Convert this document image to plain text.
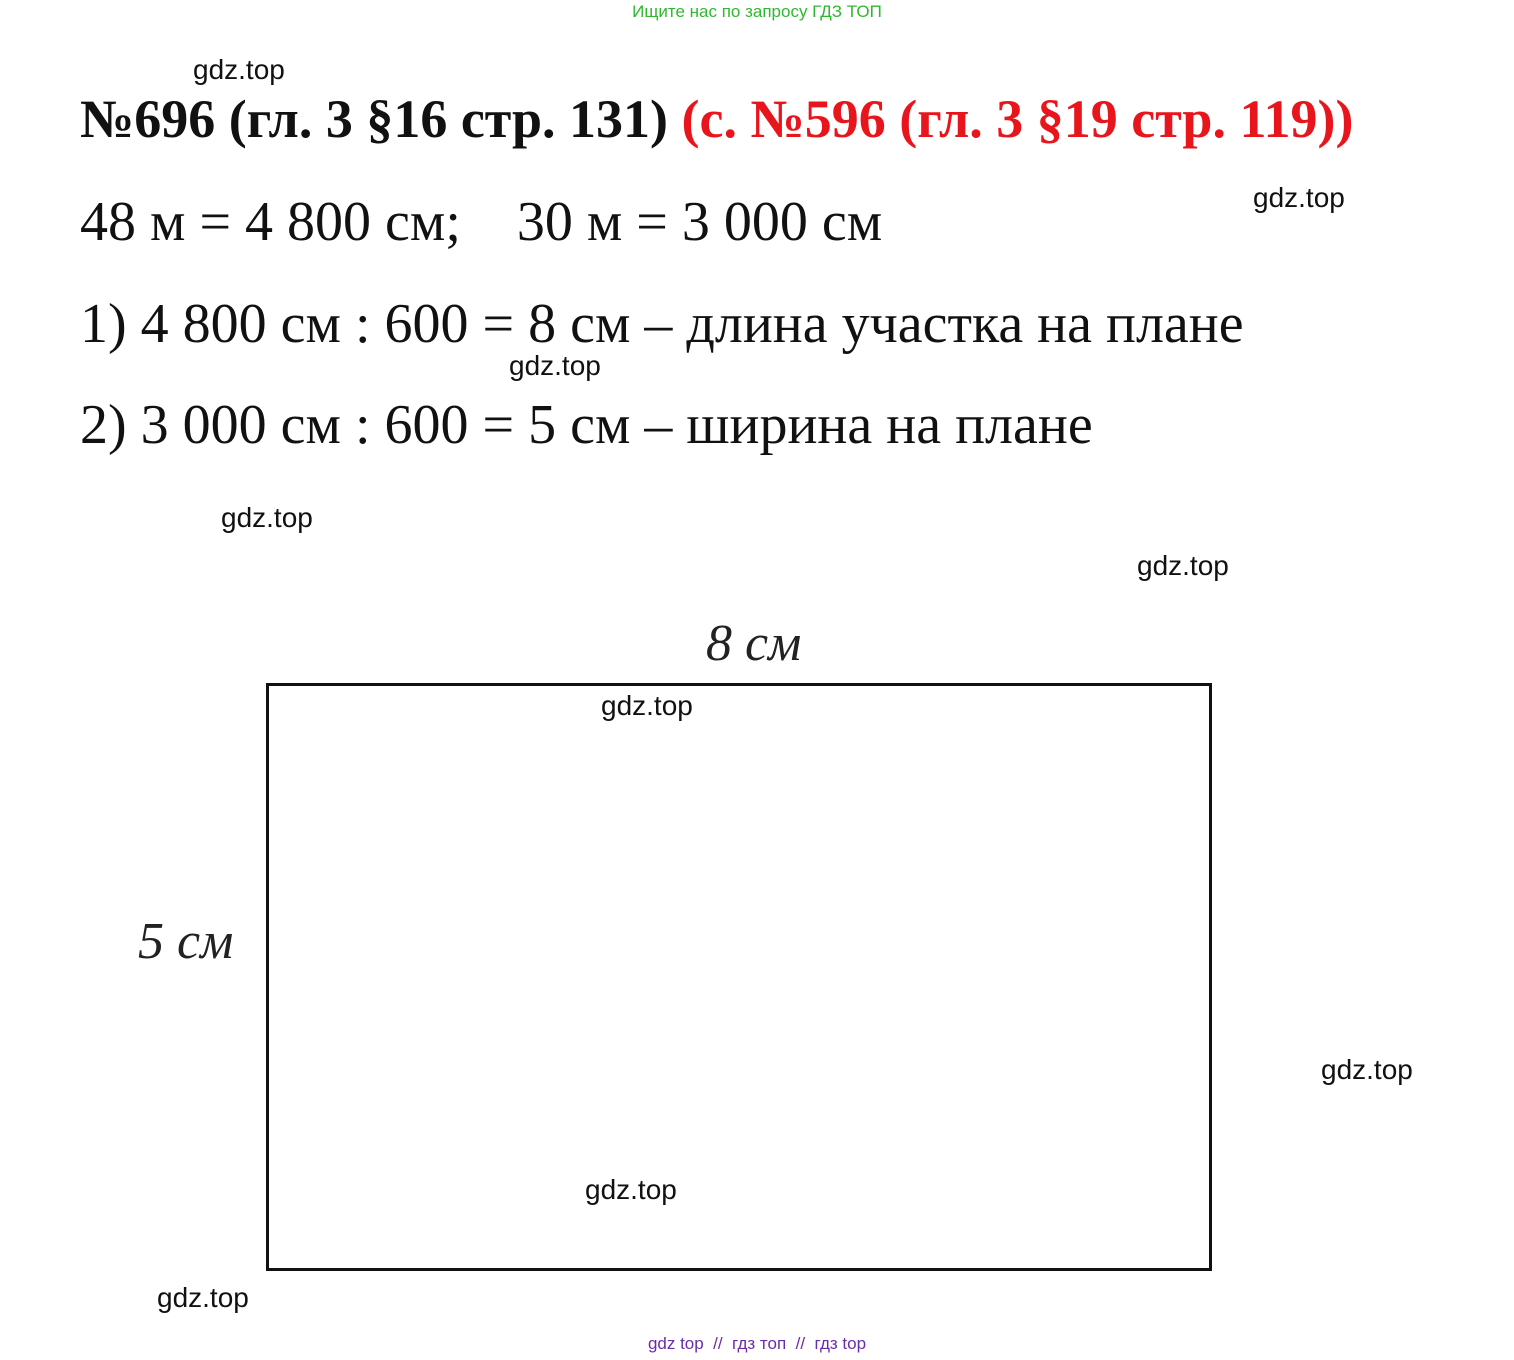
Ищите нас по запросу ГДЗ ТОП
№696 (гл. 3 §16 стр. 131) (с. №596 (гл. 3 §19 стр. 119))
48 м = 4 800 см;    30 м = 3 000 см
1) 4 800 см : 600 = 8 см – длина участка на плане
2) 3 000 см : 600 = 5 см – ширина на плане
8 см
5 см
gdz.top
gdz.top
gdz.top
gdz.top
gdz.top
gdz.top
gdz.top
gdz.top
gdz.top
gdz top  //  гдз топ  //  гдз top
